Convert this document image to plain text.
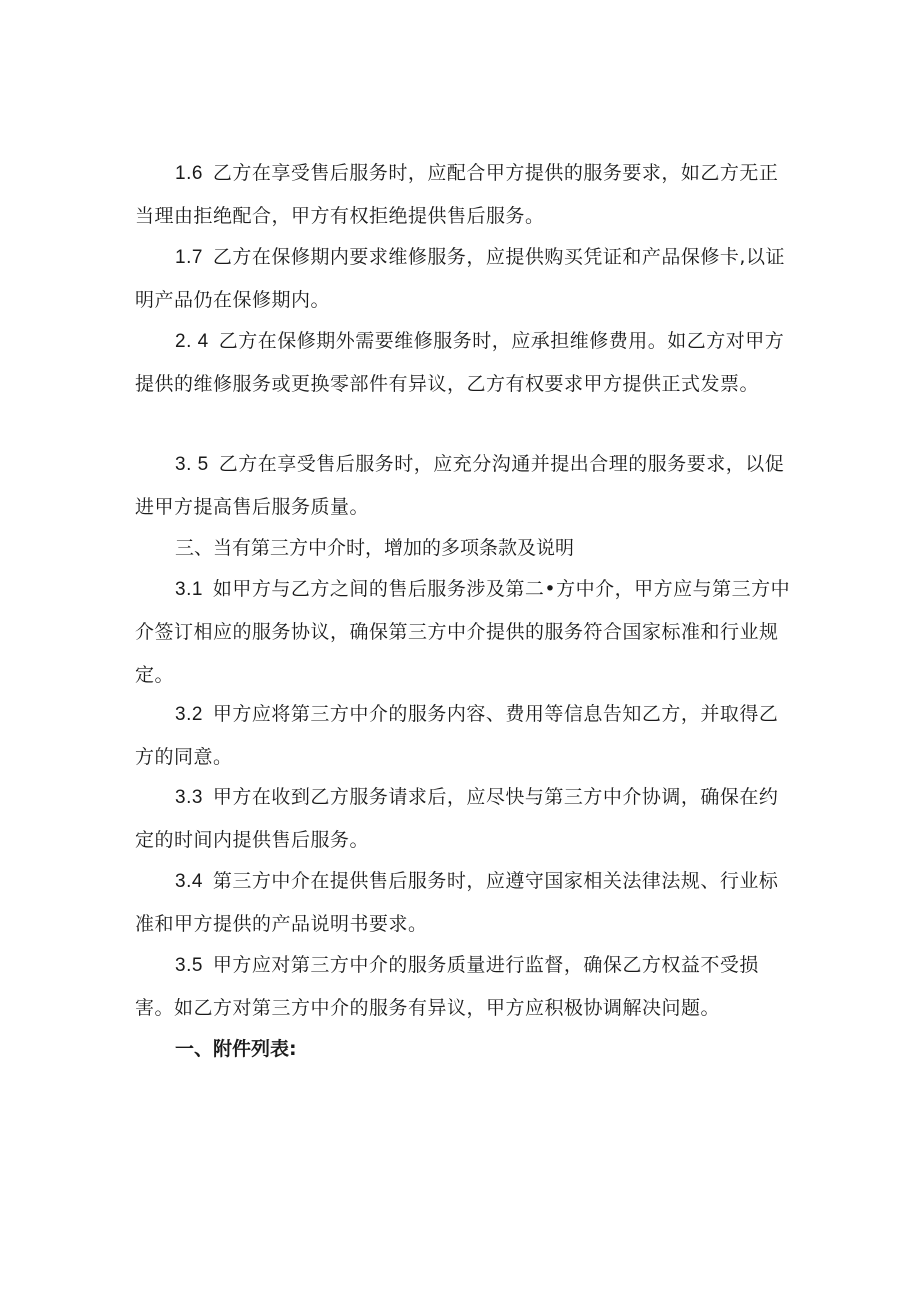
1.6 乙方在享受售后服务时，应配合甲方提供的服务要求，如乙方无正当理由拒绝配合，甲方有权拒绝提供售后服务。

1.7 乙方在保修期内要求维修服务，应提供购买凭证和产品保修卡,以证明产品仍在保修期内。

2. 4 乙方在保修期外需要维修服务时，应承担维修费用。如乙方对甲方提供的维修服务或更换零部件有异议，乙方有权要求甲方提供正式发票。

3. 5 乙方在享受售后服务时，应充分沟通并提出合理的服务要求，以促进甲方提高售后服务质量。

三、当有第三方中介时，增加的多项条款及说明

3.1 如甲方与乙方之间的售后服务涉及第二•方中介，甲方应与第三方中介签订相应的服务协议，确保第三方中介提供的服务符合国家标准和行业规定。

3.2 甲方应将第三方中介的服务内容、费用等信息告知乙方，并取得乙方的同意。

3.3 甲方在收到乙方服务请求后，应尽快与第三方中介协调，确保在约定的时间内提供售后服务。

3.4 第三方中介在提供售后服务时，应遵守国家相关法律法规、行业标准和甲方提供的产品说明书要求。

3.5 甲方应对第三方中介的服务质量进行监督，确保乙方权益不受损害。如乙方对第三方中介的服务有异议，甲方应积极协调解决问题。

一、附件列表:
